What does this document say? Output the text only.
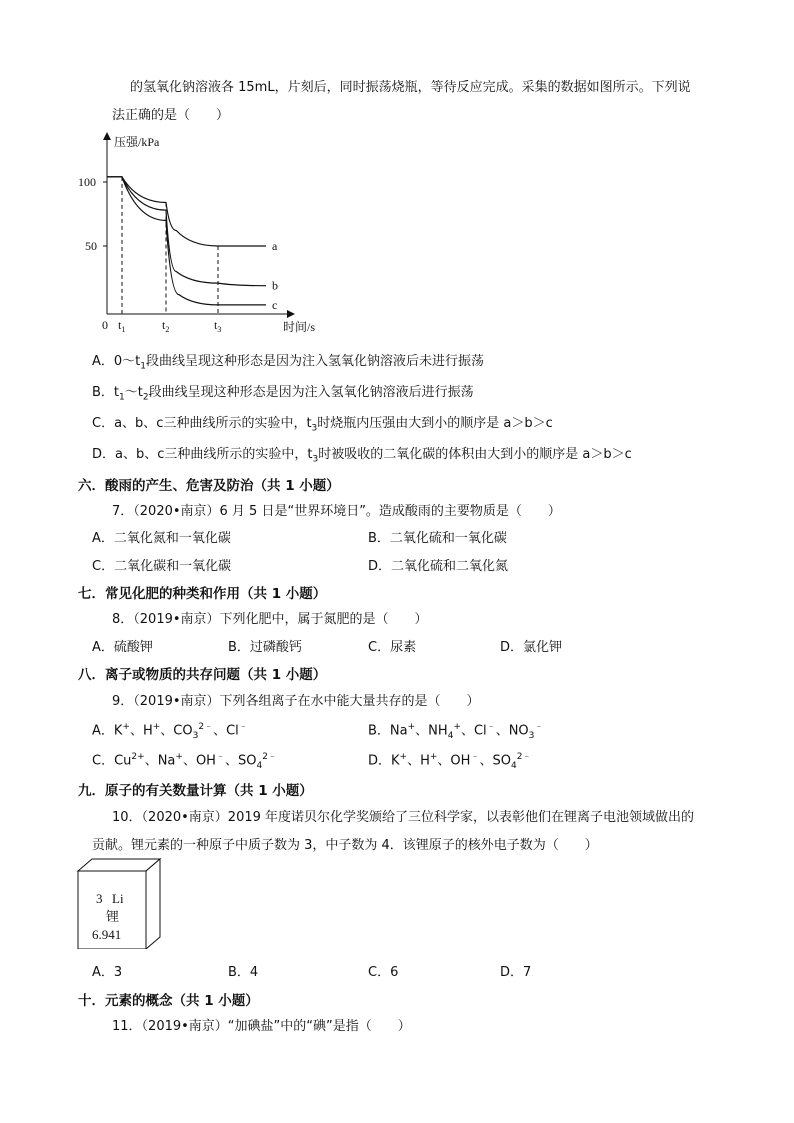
的氢氧化钠溶液各 15mL，片刻后，同时振荡烧瓶，等待反应完成。采集的数据如图所示。下列说
法正确的是（　　）
压强/kPa
时间/s
0
100
50
$t_1$	$t_2$	$t_3$
a
b
c
A．$0\sim t_1$段曲线呈现这种形态是因为注入氢氧化钠溶液后未进行振荡
B．$t_1\sim t_2$段曲线呈现这种形态是因为注入氢氧化钠溶液后进行振荡
C．a、b、c三种曲线所示的实验中，$t_3$时烧瓶内压强由大到小的顺序是 a＞b＞c
D．a、b、c三种曲线所示的实验中，$t_3$时被吸收的二氧化碳的体积由大到小的顺序是 a＞b＞c
六．酸雨的产生、危害及防治（共 1 小题）
7．（2020•南京）6 月 5 日是“世界环境日”。造成酸雨的主要物质是（　　）
A．二氧化氮和一氧化碳	B．二氧化硫和一氧化碳
C．二氧化碳和一氧化碳	D．二氧化硫和二氧化氮
七．常见化肥的种类和作用（共 1 小题）
8．（2019•南京）下列化肥中，属于氮肥的是（　　）
A．硫酸钾	B．过磷酸钙	C．尿素	D．氯化钾
八．离子或物质的共存问题（共 1 小题）
9．（2019•南京）下列各组离子在水中能大量共存的是（　　）
A．K+、H+、$CO_3^{2﹣}$、Cl﹣	B．Na+、$NH_4^+$、Cl﹣、$NO_3^﹣$
C．$Cu^{2+}$、Na+、OH﹣、$SO_4^{2﹣}$	D．K+、H+、OH﹣、$SO_4^{2﹣}$
九．原子的有关数量计算（共 1 小题）
10．（2020•南京）2019 年度诺贝尔化学奖颁给了三位科学家，以表彰他们在锂离子电池领域做出的
贡献。锂元素的一种原子中质子数为 3，中子数为 4．该锂原子的核外电子数为（　　）
3 Li
锂
6.941
A．3	B．4	C．6	D．7
十．元素的概念（共 1 小题）
11．（2019•南京）“加碘盐”中的“碘”是指（　　）
